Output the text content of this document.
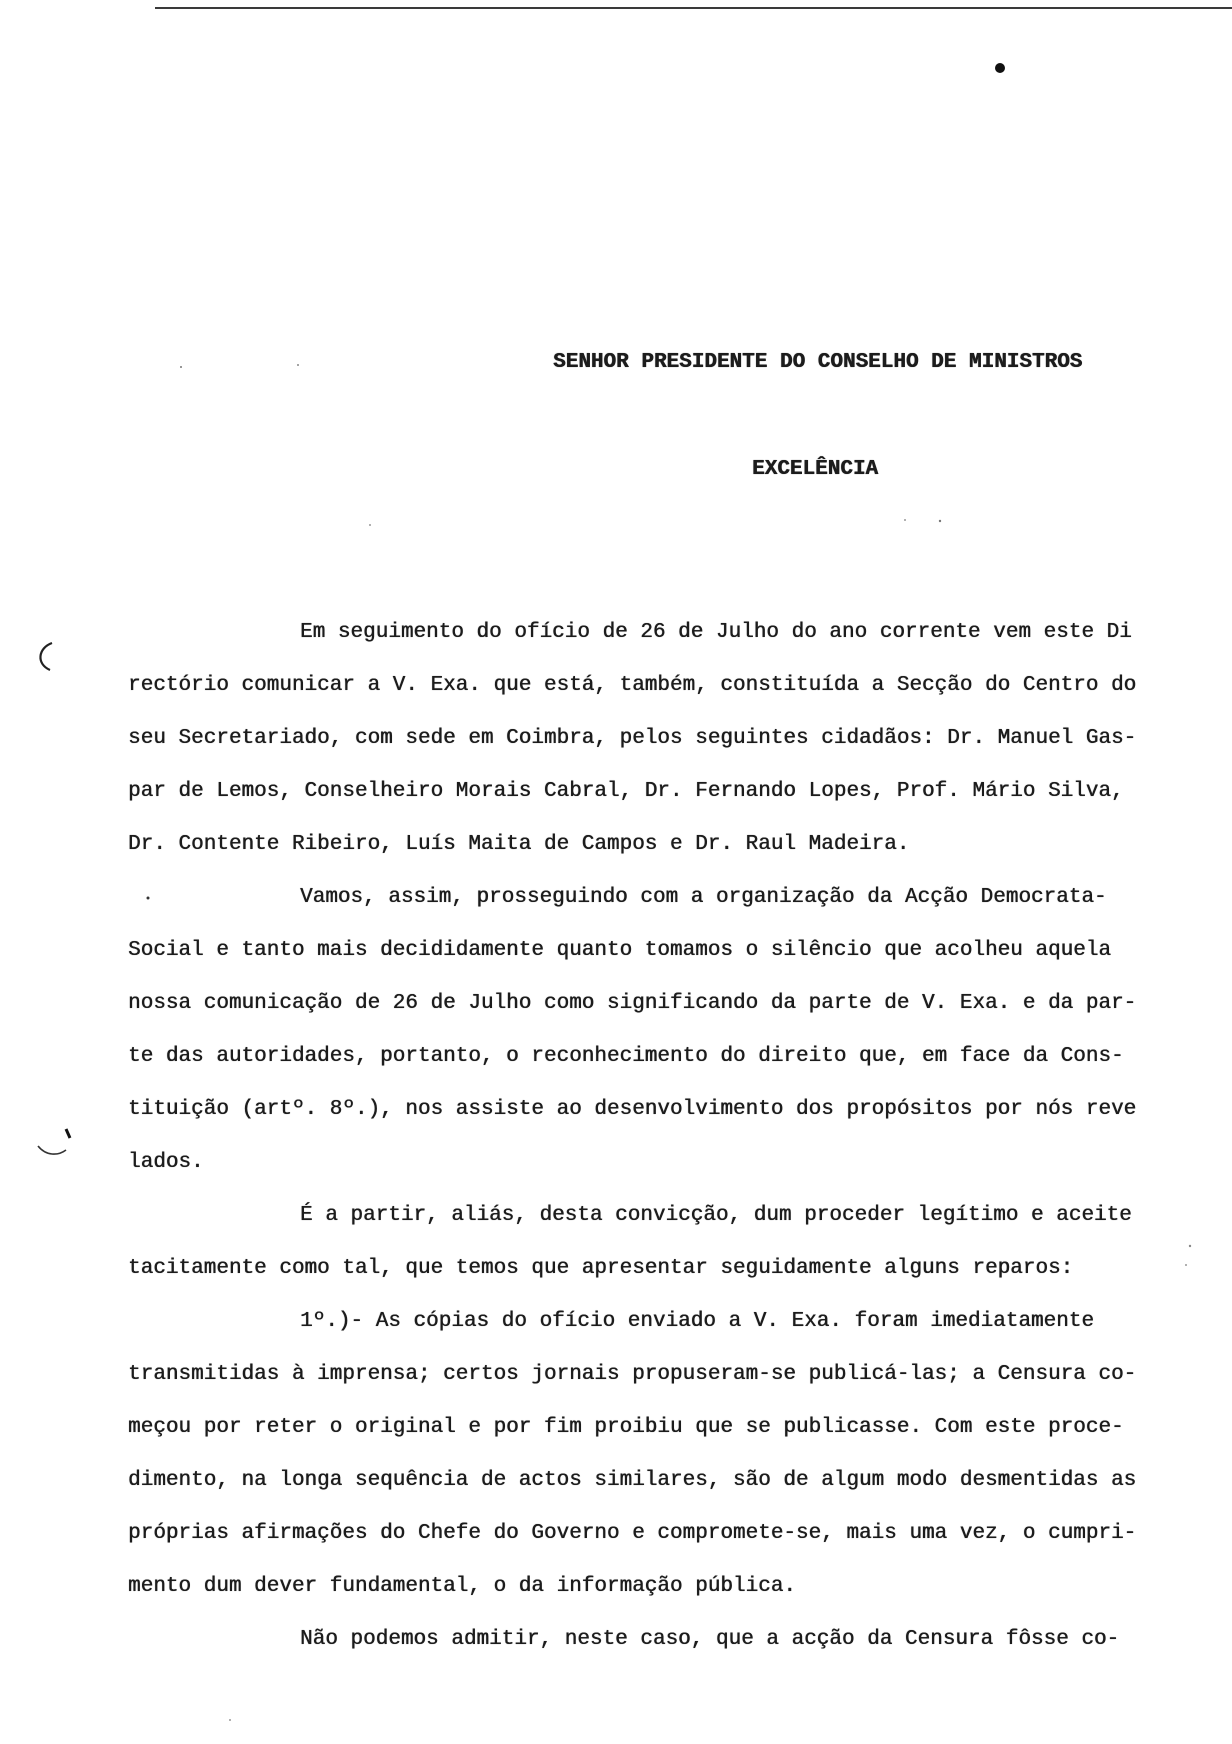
SENHOR PRESIDENTE DO CONSELHO DE MINISTROS
EXCELÊNCIA
Em seguimento do ofício de 26 de Julho do ano corrente vem este Di
rectório comunicar a V. Exa. que está, também, constituída a Secção do Centro do
seu Secretariado, com sede em Coimbra, pelos seguintes cidadãos: Dr. Manuel Gas-
par de Lemos, Conselheiro Morais Cabral, Dr. Fernando Lopes, Prof. Mário Silva,
Dr. Contente Ribeiro, Luís Maita de Campos e Dr. Raul Madeira.
Vamos, assim, prosseguindo com a organização da Acção Democrata-
Social e tanto mais decididamente quanto tomamos o silêncio que acolheu aquela
nossa comunicação de 26 de Julho como significando da parte de V. Exa. e da par-
te das autoridades, portanto, o reconhecimento do direito que, em face da Cons-
tituição (artº. 8º.), nos assiste ao desenvolvimento dos propósitos por nós reve
lados.
É a partir, aliás, desta convicção, dum proceder legítimo e aceite
tacitamente como tal, que temos que apresentar seguidamente alguns reparos:
1º.)- As cópias do ofício enviado a V. Exa. foram imediatamente
transmitidas à imprensa; certos jornais propuseram-se publicá-las; a Censura co-
meçou por reter o original e por fim proibiu que se publicasse. Com este proce-
dimento, na longa sequência de actos similares, são de algum modo desmentidas as
próprias afirmações do Chefe do Governo e compromete-se, mais uma vez, o cumpri-
mento dum dever fundamental, o da informação pública.
Não podemos admitir, neste caso, que a acção da Censura fôsse co-
